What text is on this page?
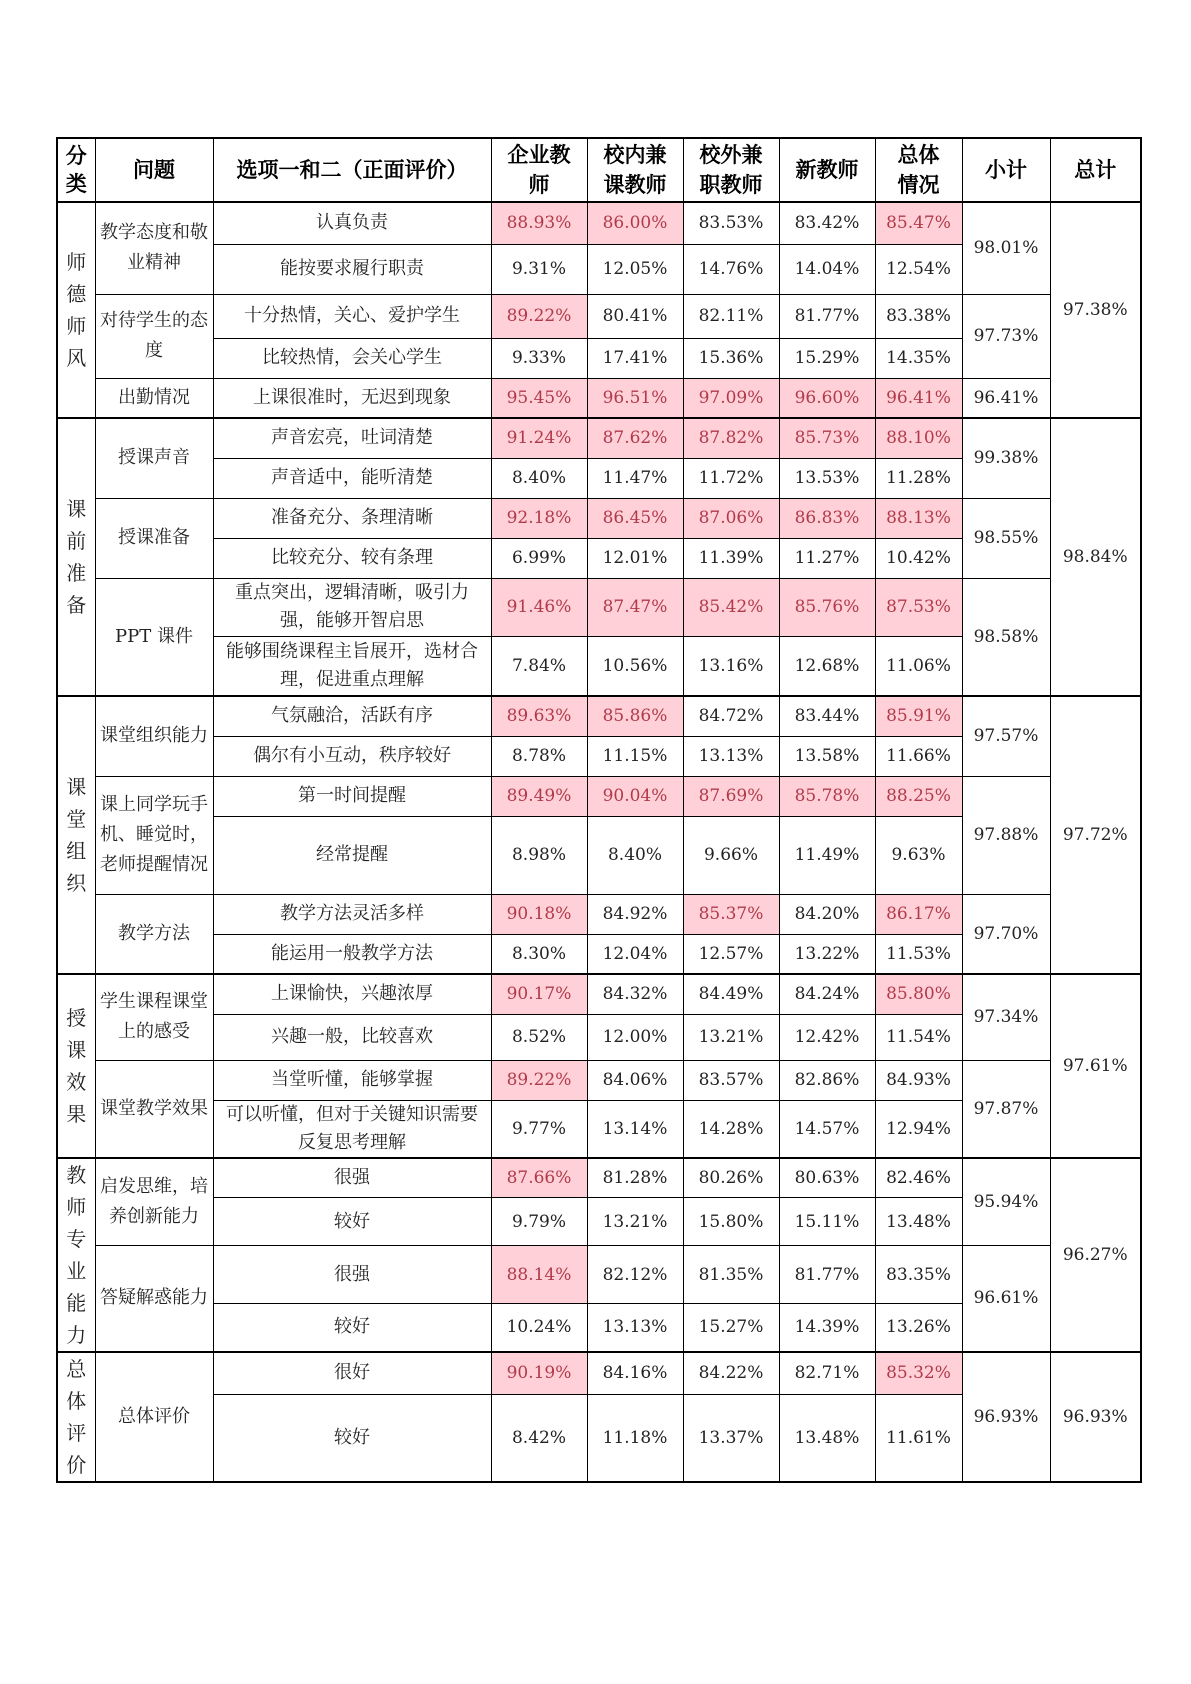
分类	问题	选项一和二（正面评价）	企业教师	校内兼课教师	校外兼职教师	新教师	总体情况	小计	总计
师德师风	教学态度和敬业精神	认真负责	88.93%	86.00%	83.53%	83.42%	85.47%	98.01%	97.38%
		能按要求履行职责	9.31%	12.05%	14.76%	14.04%	12.54%		
	对待学生的态度	十分热情，关心、爱护学生	89.22%	80.41%	82.11%	81.77%	83.38%	97.73%	
		比较热情，会关心学生	9.33%	17.41%	15.36%	15.29%	14.35%		
	出勤情况	上课很准时，无迟到现象	95.45%	96.51%	97.09%	96.60%	96.41%	96.41%	
课前准备	授课声音	声音宏亮，吐词清楚	91.24%	87.62%	87.82%	85.73%	88.10%	99.38%	98.84%
		声音适中，能听清楚	8.40%	11.47%	11.72%	13.53%	11.28%		
	授课准备	准备充分、条理清晰	92.18%	86.45%	87.06%	86.83%	88.13%	98.55%	
		比较充分、较有条理	6.99%	12.01%	11.39%	11.27%	10.42%		
	PPT 课件	重点突出，逻辑清晰，吸引力强，能够开智启思	91.46%	87.47%	85.42%	85.76%	87.53%	98.58%	
		能够围绕课程主旨展开，选材合理，促进重点理解	7.84%	10.56%	13.16%	12.68%	11.06%		
课堂组织	课堂组织能力	气氛融洽，活跃有序	89.63%	85.86%	84.72%	83.44%	85.91%	97.57%	97.72%
		偶尔有小互动，秩序较好	8.78%	11.15%	13.13%	13.58%	11.66%		
	课上同学玩手机、睡觉时，老师提醒情况	第一时间提醒	89.49%	90.04%	87.69%	85.78%	88.25%	97.88%	
		经常提醒	8.98%	8.40%	9.66%	11.49%	9.63%		
	教学方法	教学方法灵活多样	90.18%	84.92%	85.37%	84.20%	86.17%	97.70%	
		能运用一般教学方法	8.30%	12.04%	12.57%	13.22%	11.53%		
授课效果	学生课程课堂上的感受	上课愉快，兴趣浓厚	90.17%	84.32%	84.49%	84.24%	85.80%	97.34%	97.61%
		兴趣一般，比较喜欢	8.52%	12.00%	13.21%	12.42%	11.54%		
	课堂教学效果	当堂听懂，能够掌握	89.22%	84.06%	83.57%	82.86%	84.93%	97.87%	
		可以听懂，但对于关键知识需要反复思考理解	9.77%	13.14%	14.28%	14.57%	12.94%		
教师专业能力	启发思维，培养创新能力	很强	87.66%	81.28%	80.26%	80.63%	82.46%	95.94%	96.27%
		较好	9.79%	13.21%	15.80%	15.11%	13.48%		
	答疑解惑能力	很强	88.14%	82.12%	81.35%	81.77%	83.35%	96.61%	
		较好	10.24%	13.13%	15.27%	14.39%	13.26%		
总体评价	总体评价	很好	90.19%	84.16%	84.22%	82.71%	85.32%	96.93%	96.93%
		较好	8.42%	11.18%	13.37%	13.48%	11.61%		
